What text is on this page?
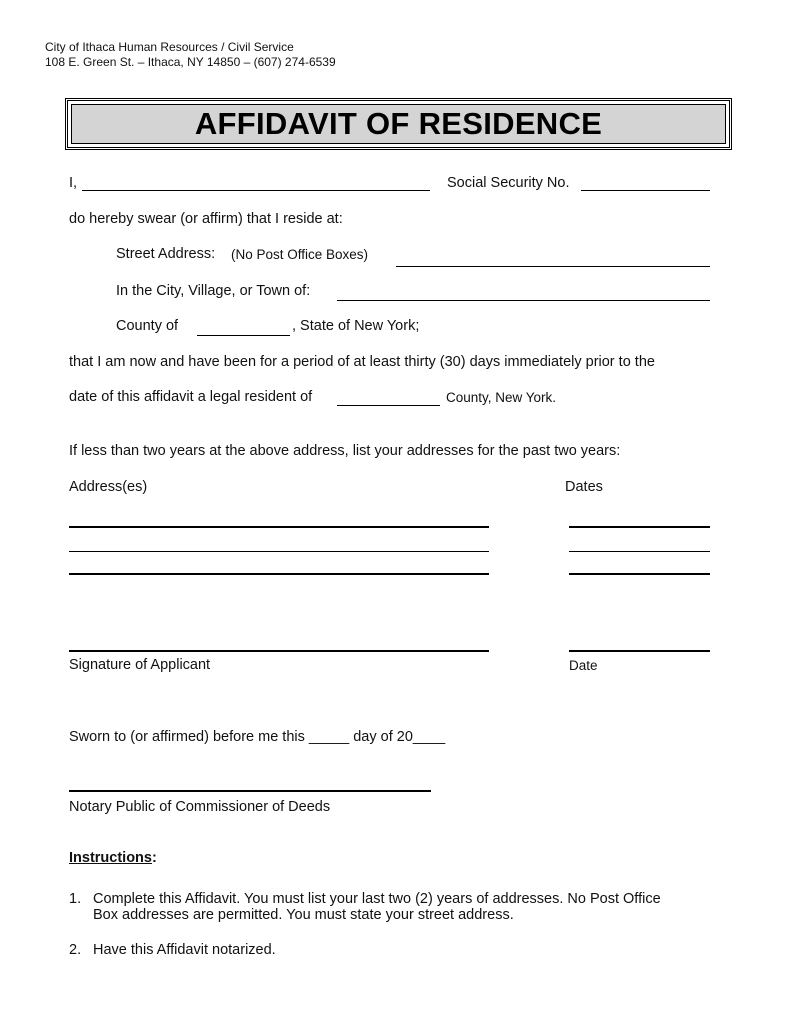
City of Ithaca Human Resources / Civil Service
108 E. Green St. – Ithaca, NY 14850 – (607) 274-6539
AFFIDAVIT OF RESIDENCE
I,	Social Security No.
do hereby swear (or affirm) that I reside at:
Street Address: (No Post Office Boxes)
In the City, Village, or Town of:
County of	, State of New York;
that I am now and have been for a period of at least thirty (30) days immediately prior to the
date of this affidavit a legal resident of	County, New York.
If less than two years at the above address, list your addresses for the past two years:
Address(es)	Dates
Signature of Applicant	Date
Sworn to (or affirmed) before me this _____ day of 20____
Notary Public of Commissioner of Deeds
Instructions:
1. Complete this Affidavit. You must list your last two (2) years of addresses. No Post Office
Box addresses are permitted. You must state your street address.
2. Have this Affidavit notarized.
